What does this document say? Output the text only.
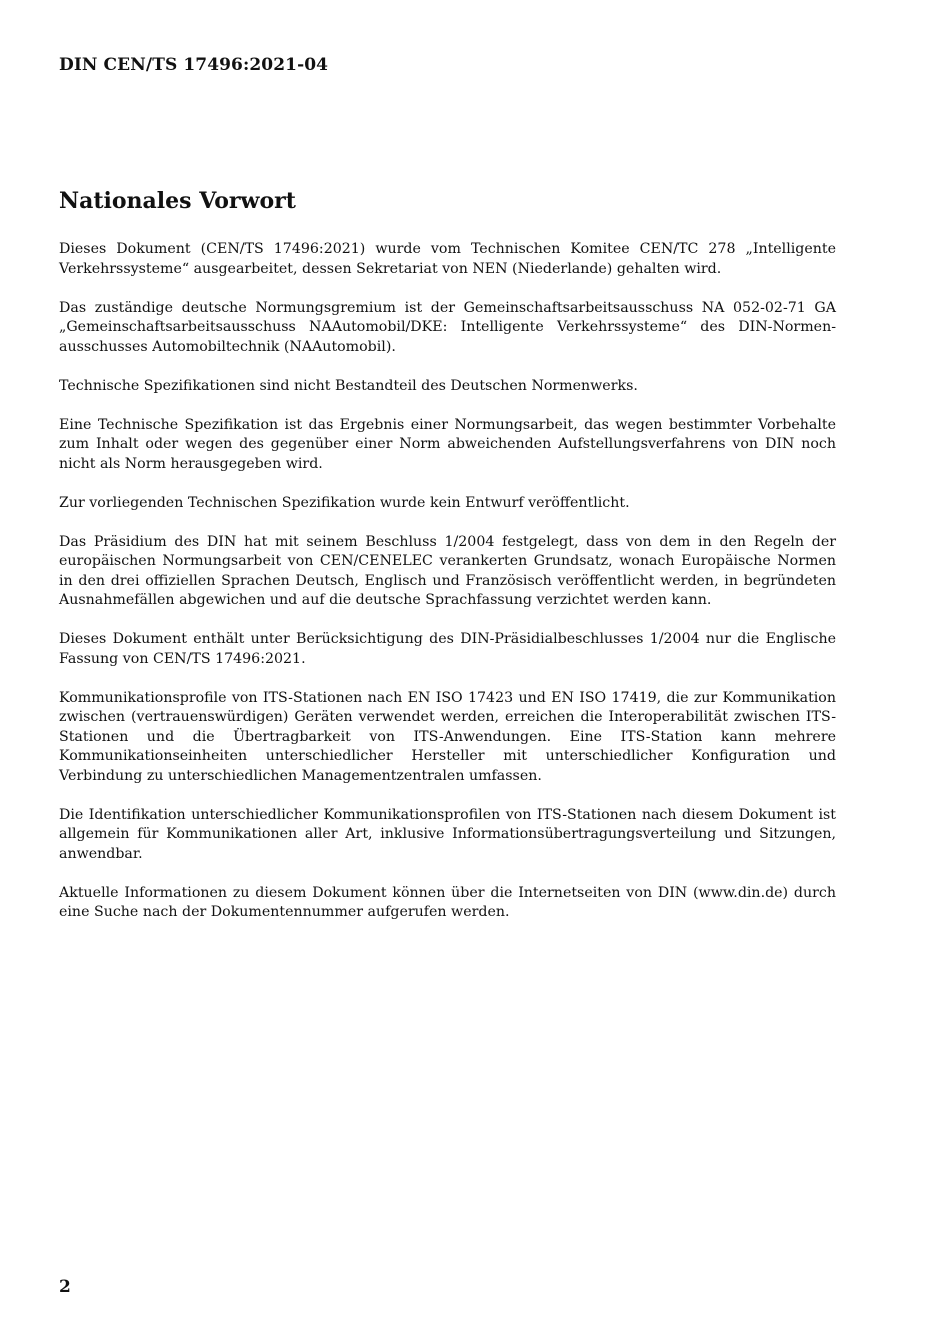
DIN CEN/TS 17496:2021-04
Nationales Vorwort

Dieses Dokument (CEN/TS 17496:2021) wurde vom Technischen Komitee CEN/TC 278 „Intelligente Verkehrssysteme“ ausgearbeitet, dessen Sekretariat von NEN (Niederlande) gehalten wird.

Das zuständige deutsche Normungsgremium ist der Gemeinschaftsarbeitsausschuss NA 052-02-71 GA „Gemeinschaftsarbeitsausschuss NAAutomobil/DKE: Intelligente Verkehrssysteme“ des DIN-Normen-ausschusses Automobiltechnik (NAAutomobil).

Technische Spezifikationen sind nicht Bestandteil des Deutschen Normenwerks.

Eine Technische Spezifikation ist das Ergebnis einer Normungsarbeit, das wegen bestimmter Vorbehalte zum Inhalt oder wegen des gegenüber einer Norm abweichenden Aufstellungsverfahrens von DIN noch nicht als Norm herausgegeben wird.

Zur vorliegenden Technischen Spezifikation wurde kein Entwurf veröffentlicht.

Das Präsidium des DIN hat mit seinem Beschluss 1/2004 festgelegt, dass von dem in den Regeln der europäischen Normungsarbeit von CEN/CENELEC verankerten Grundsatz, wonach Europäische Normen in den drei offiziellen Sprachen Deutsch, Englisch und Französisch veröffentlicht werden, in begründeten Ausnahmefällen abgewichen und auf die deutsche Sprachfassung verzichtet werden kann.

Dieses Dokument enthält unter Berücksichtigung des DIN-Präsidialbeschlusses 1/2004 nur die Englische Fassung von CEN/TS 17496:2021.

Kommunikationsprofile von ITS-Stationen nach EN ISO 17423 und EN ISO 17419, die zur Kommunikation zwischen (vertrauenswürdigen) Geräten verwendet werden, erreichen die Interoperabilität zwischen ITS-Stationen und die Übertragbarkeit von ITS-Anwendungen. Eine ITS-Station kann mehrere Kommunikationseinheiten unterschiedlicher Hersteller mit unterschiedlicher Konfiguration und Verbindung zu unterschiedlichen Managementzentralen umfassen.

Die Identifikation unterschiedlicher Kommunikationsprofilen von ITS-Stationen nach diesem Dokument ist allgemein für Kommunikationen aller Art, inklusive Informationsübertragungsverteilung und Sitzungen, anwendbar.

Aktuelle Informationen zu diesem Dokument können über die Internetseiten von DIN (www.din.de) durch eine Suche nach der Dokumentennummer aufgerufen werden.

2
